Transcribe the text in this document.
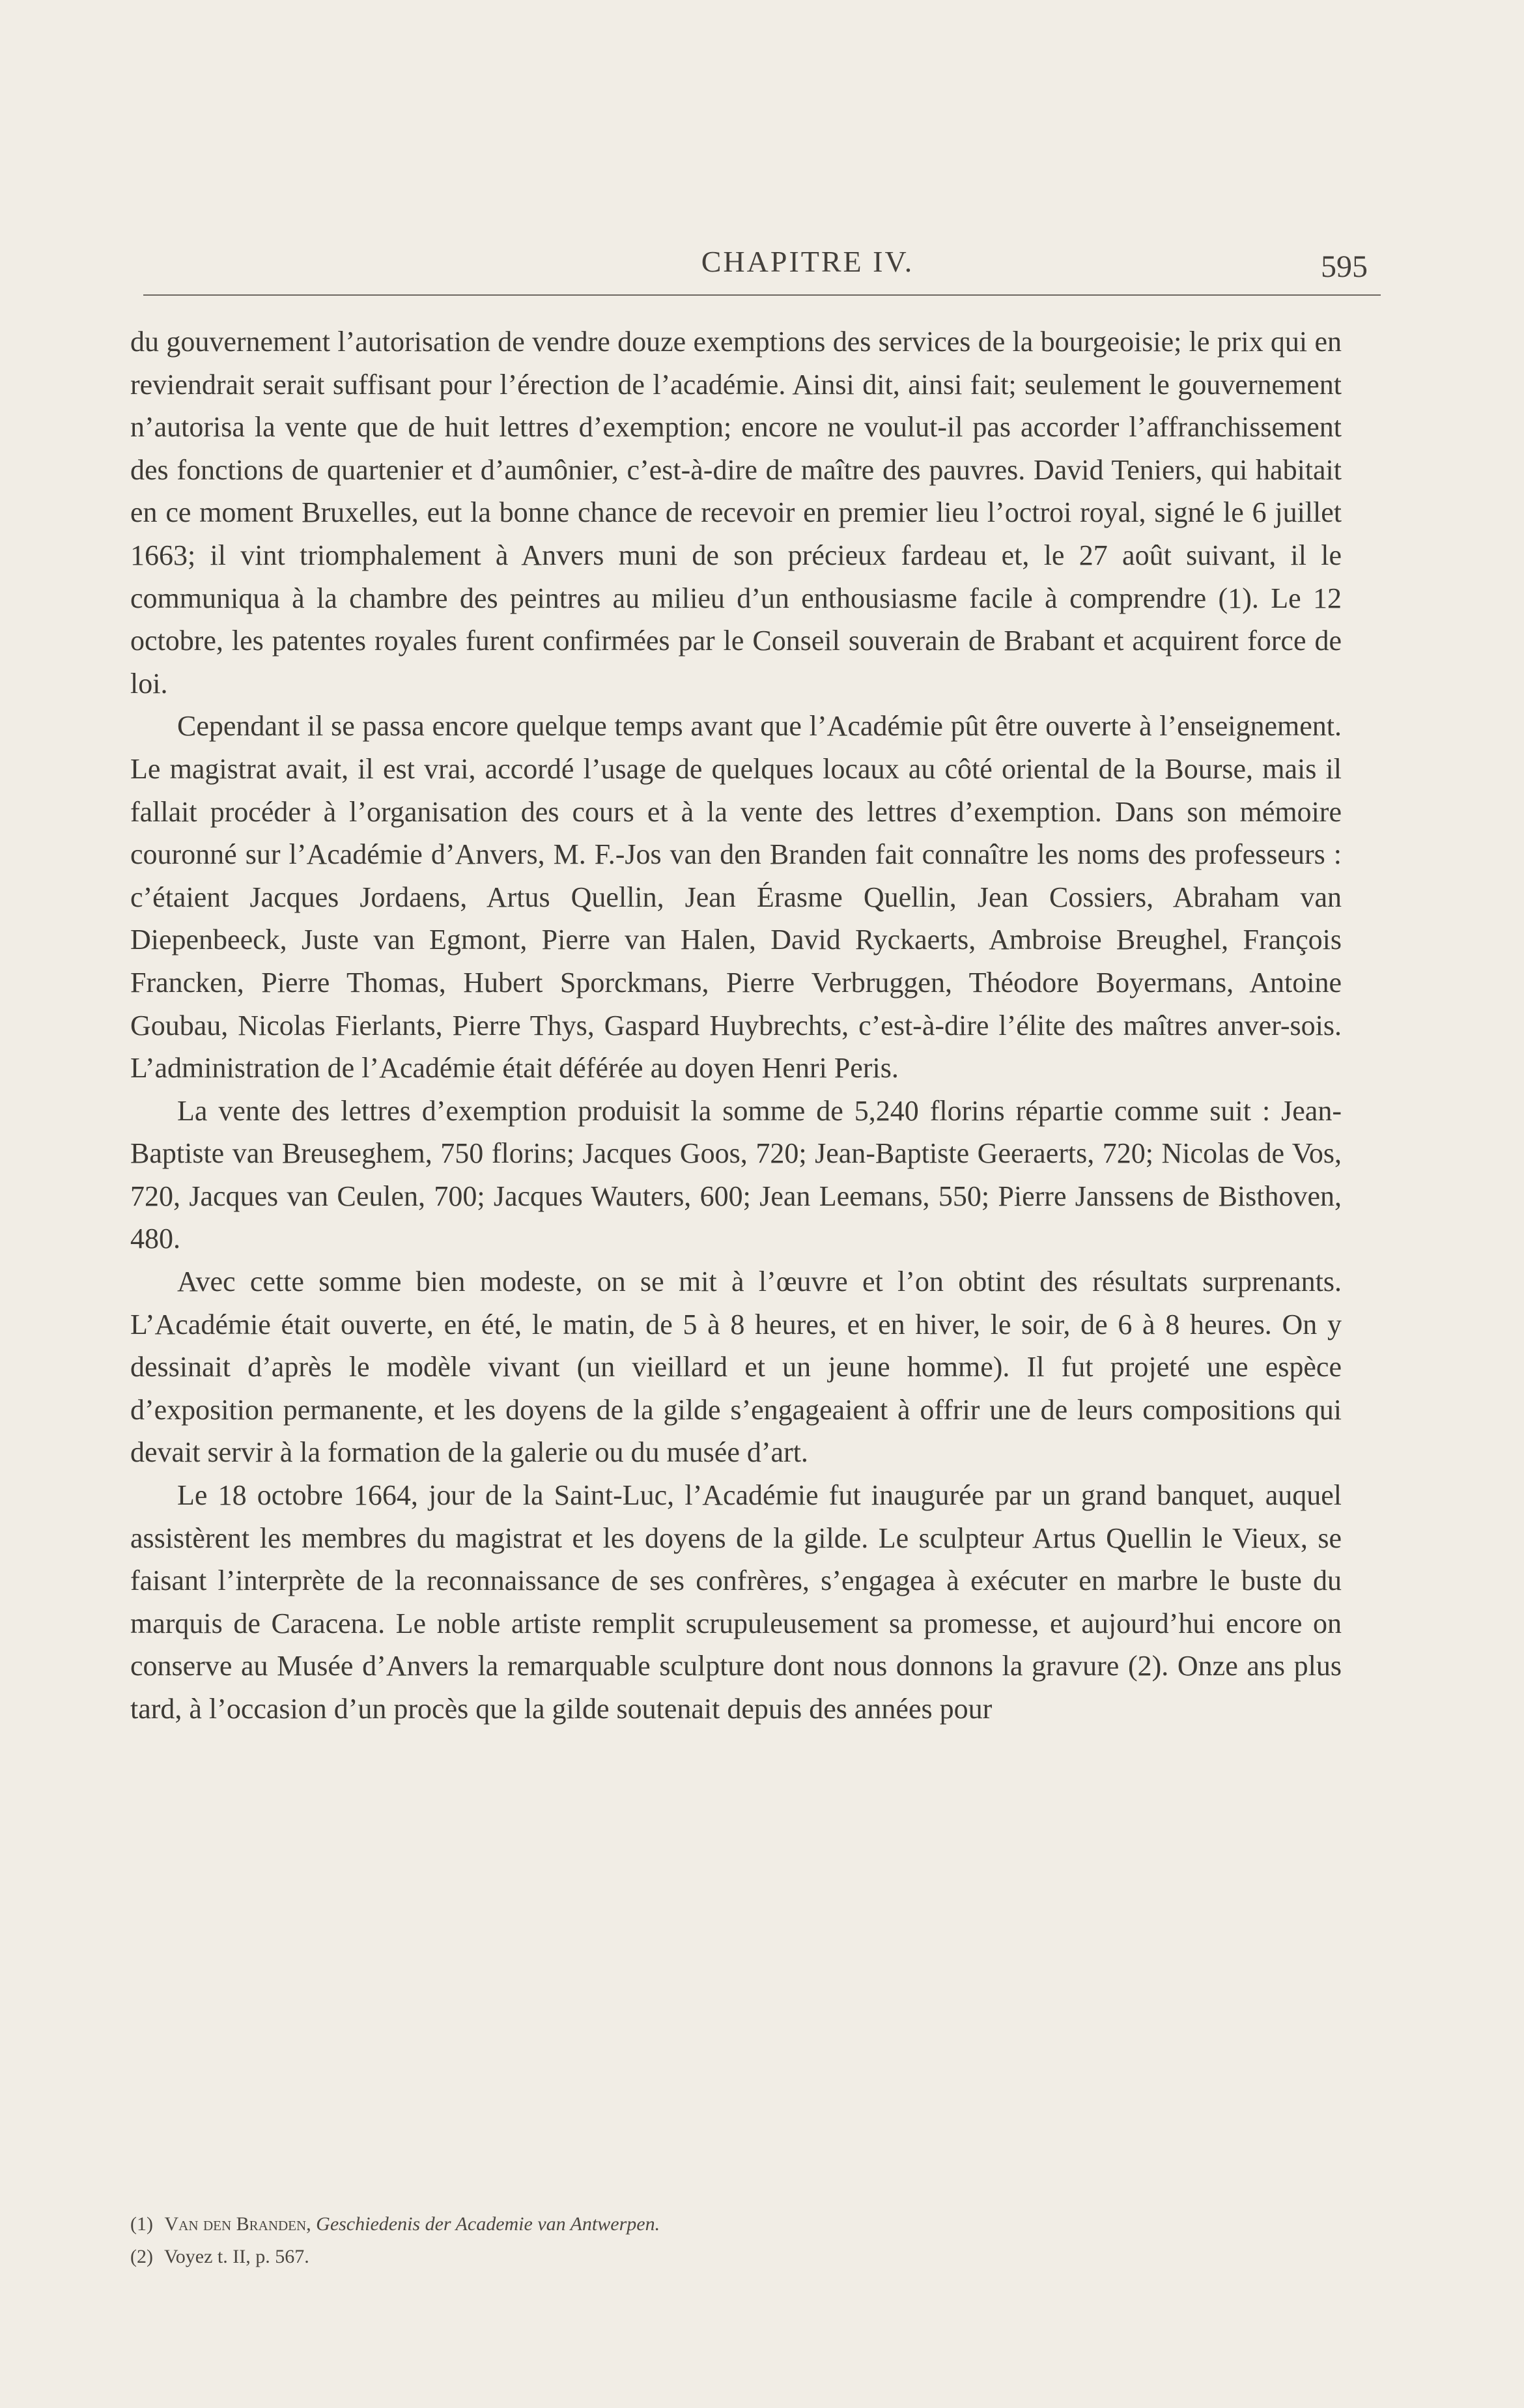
CHAPITRE IV.	595

du gouvernement l’autorisation de vendre douze exemptions des services de la bourgeoisie; le prix qui en reviendrait serait suffisant pour l’érection de l’académie. Ainsi dit, ainsi fait; seulement le gouvernement n’autorisa la vente que de huit lettres d’exemption; encore ne voulut-il pas accorder l’affranchissement des fonctions de quartenier et d’aumônier, c’est-à-dire de maître des pauvres. David Teniers, qui habitait en ce moment Bruxelles, eut la bonne chance de recevoir en premier lieu l’octroi royal, signé le 6 juillet 1663; il vint triomphalement à Anvers muni de son précieux fardeau et, le 27 août suivant, il le communiqua à la chambre des peintres au milieu d’un enthousiasme facile à comprendre (1). Le 12 octobre, les patentes royales furent confirmées par le Conseil souverain de Brabant et acquirent force de loi.

Cependant il se passa encore quelque temps avant que l’Académie pût être ouverte à l’enseignement. Le magistrat avait, il est vrai, accordé l’usage de quelques locaux au côté oriental de la Bourse, mais il fallait procéder à l’organisation des cours et à la vente des lettres d’exemption. Dans son mémoire couronné sur l’Académie d’Anvers, M. F.-Jos van den Branden fait connaître les noms des professeurs : c’étaient Jacques Jordaens, Artus Quellin, Jean Érasme Quellin, Jean Cossiers, Abraham van Diepenbeeck, Juste van Egmont, Pierre van Halen, David Ryckaerts, Ambroise Breughel, François Francken, Pierre Thomas, Hubert Sporckmans, Pierre Verbruggen, Théodore Boyermans, Antoine Goubau, Nicolas Fierlants, Pierre Thys, Gaspard Huybrechts, c’est-à-dire l’élite des maîtres anver-sois. L’administration de l’Académie était déférée au doyen Henri Peris.

La vente des lettres d’exemption produisit la somme de 5,240 florins répartie comme suit : Jean-Baptiste van Breuseghem, 750 florins; Jacques Goos, 720; Jean-Baptiste Geeraerts, 720; Nicolas de Vos, 720, Jacques van Ceulen, 700; Jacques Wauters, 600; Jean Leemans, 550; Pierre Janssens de Bisthoven, 480.

Avec cette somme bien modeste, on se mit à l’œuvre et l’on obtint des résultats surprenants. L’Académie était ouverte, en été, le matin, de 5 à 8 heures, et en hiver, le soir, de 6 à 8 heures. On y dessinait d’après le modèle vivant (un vieillard et un jeune homme). Il fut projeté une espèce d’exposition permanente, et les doyens de la gilde s’engageaient à offrir une de leurs compositions qui devait servir à la formation de la galerie ou du musée d’art.

Le 18 octobre 1664, jour de la Saint-Luc, l’Académie fut inaugurée par un grand banquet, auquel assistèrent les membres du magistrat et les doyens de la gilde. Le sculpteur Artus Quellin le Vieux, se faisant l’interprète de la reconnaissance de ses confrères, s’engagea à exécuter en marbre le buste du marquis de Caracena. Le noble artiste remplit scrupuleusement sa promesse, et aujourd’hui encore on conserve au Musée d’Anvers la remarquable sculpture dont nous donnons la gravure (2). Onze ans plus tard, à l’occasion d’un procès que la gilde soutenait depuis des années pour

(1) Van den Branden, Geschiedenis der Academie van Antwerpen.

(2) Voyez t. II, p. 567.
